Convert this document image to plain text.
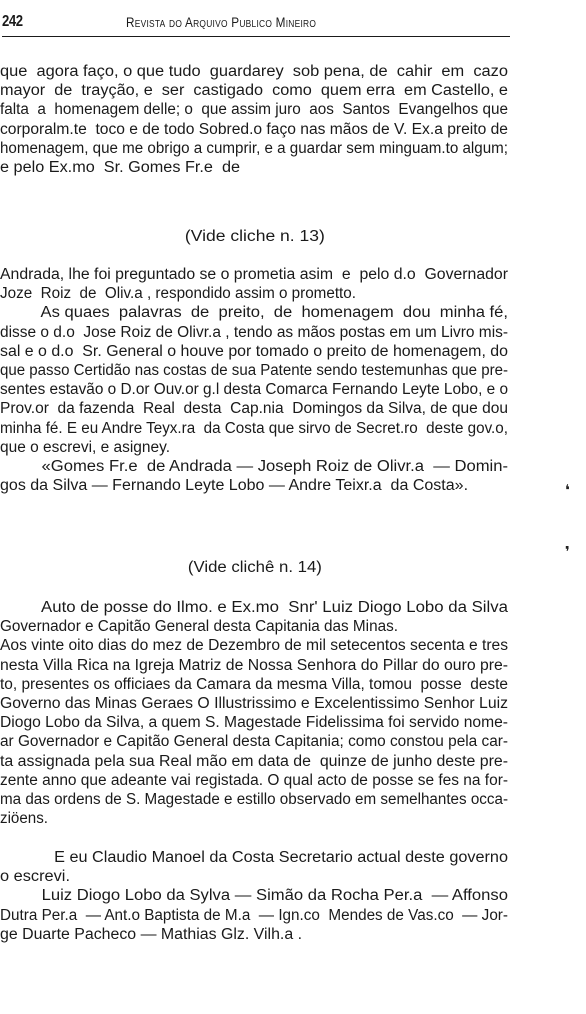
242	Revista do Arquivo Publico Mineiro
que  agora faço, o que tudo  guardarey  sob pena, de  cahir  em  cazo
mayor  de  trayção, e  ser  castigado  como  quem erra  em Castello, e
falta  a  homenagem delle; o  que assim juro  aos  Santos  Evangelhos que
corporalm.te  toco e de todo Sobred.o faço nas mãos de V. Ex.a preito de
homenagem, que me obrigo a cumprir, e a guardar sem minguam.to algum;
e pelo Ex.mo  Sr. Gomes Fr.e  de
(Vide cliche n. 13)
Andrada, lhe foi preguntado se o prometia asim  e  pelo d.o  Governador
Joze  Roiz  de  Oliv.a , respondido assim o prometto.
As quaes  palavras  de  preito,  de  homenagem  dou  minha fé,
disse o d.o  Jose Roiz de Olivr.a , tendo as mãos postas em um Livro mis-
sal e o d.o  Sr. General o houve por tomado o preito de homenagem, do
que passo Certidão nas costas de sua Patente sendo testemunhas que pre-
sentes estavão o D.or Ouv.or g.l desta Comarca Fernando Leyte Lobo, e o
Prov.or  da fazenda  Real  desta  Cap.nia  Domingos da Silva, de que dou
minha fé. E eu Andre Teyx.ra  da Costa que sirvo de Secret.ro  deste gov.o,
que o escrevi, e asigney.
«Gomes Fr.e  de Andrada — Joseph Roiz de Olivr.a  — Domin-
gos da Silva — Fernando Leyte Lobo — Andre Teixr.a  da Costa».	❛
❜
(Vide clichê n. 14)
Auto de posse do Ilmo. e Ex.mo  Snr' Luiz Diogo Lobo da Silva
Governador e Capitão General desta Capitania das Minas.
Aos vinte oito dias do mez de Dezembro de mil setecentos secenta e tres
nesta Villa Rica na Igreja Matriz de Nossa Senhora do Pillar do ouro pre-
to, presentes os officiaes da Camara da mesma Villa, tomou  posse  deste
Governo das Minas Geraes O Illustrissimo e Excelentissimo Senhor Luiz
Diogo Lobo da Silva, a quem S. Magestade Fidelissima foi servido nome-
ar Governador e Capitão General desta Capitania; como constou pela car-
ta assignada pela sua Real mão em data de  quinze de junho deste pre-
zente anno que adeante vai registada. O qual acto de posse se fes na for-
ma das ordens de S. Magestade e estillo observado em semelhantes occa-
ziöens.
E eu Claudio Manoel da Costa Secretario actual deste governo
o escrevi.
Luiz Diogo Lobo da Sylva — Simão da Rocha Per.a  — Affonso
Dutra Per.a  — Ant.o Baptista de M.a  — Ign.co  Mendes de Vas.co  — Jor-
ge Duarte Pacheco — Mathias Glz. Vilh.a .
